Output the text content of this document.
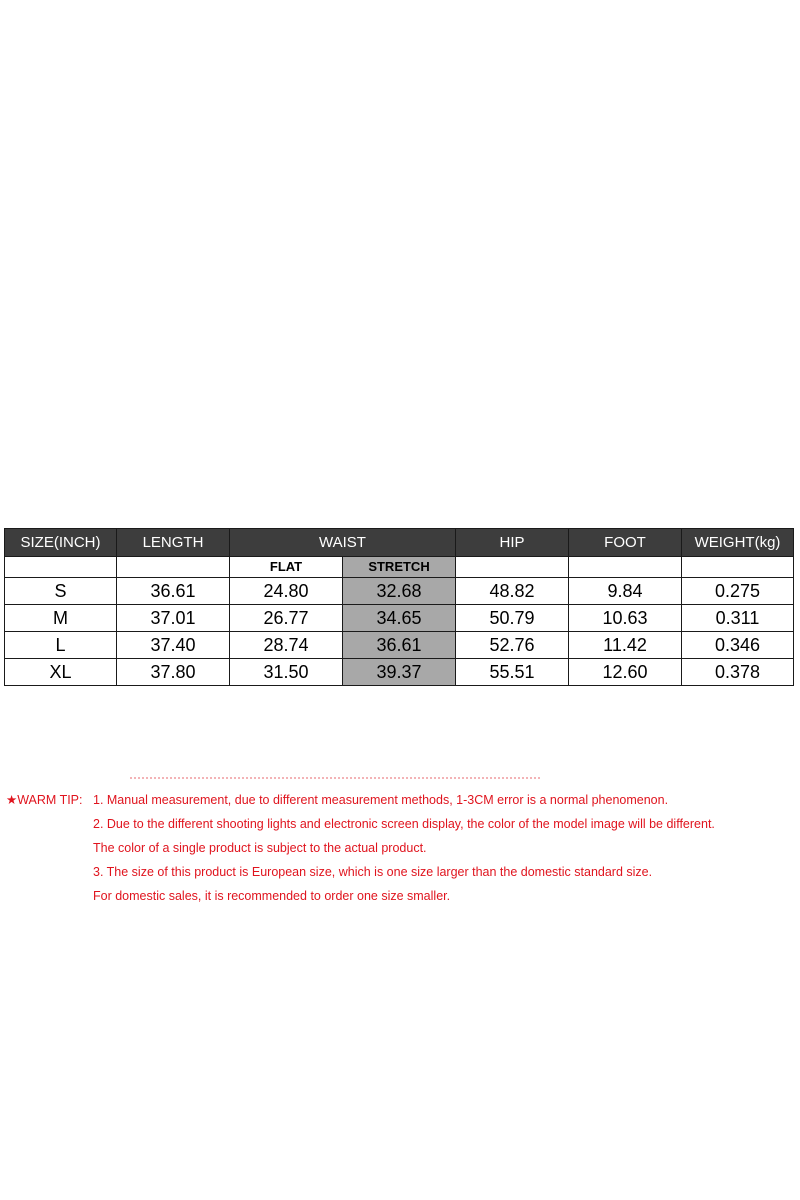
SIZE(INCH)	LENGTH	WAIST		HIP	FOOT	WEIGHT(kg)
		FLAT	STRETCH			
S	36.61	24.80	32.68	48.82	9.84	0.275
M	37.01	26.77	34.65	50.79	10.63	0.311
L	37.40	28.74	36.61	52.76	11.42	0.346
XL	37.80	31.50	39.37	55.51	12.60	0.378
★WARM TIP: 1. Manual measurement, due to different measurement methods, 1-3CM error is a normal phenomenon.
2. Due to the different shooting lights and electronic screen display, the color of the model image will be different.
The color of a single product is subject to the actual product.
3. The size of this product is European size, which is one size larger than the domestic standard size.
For domestic sales, it is recommended to order one size smaller.
